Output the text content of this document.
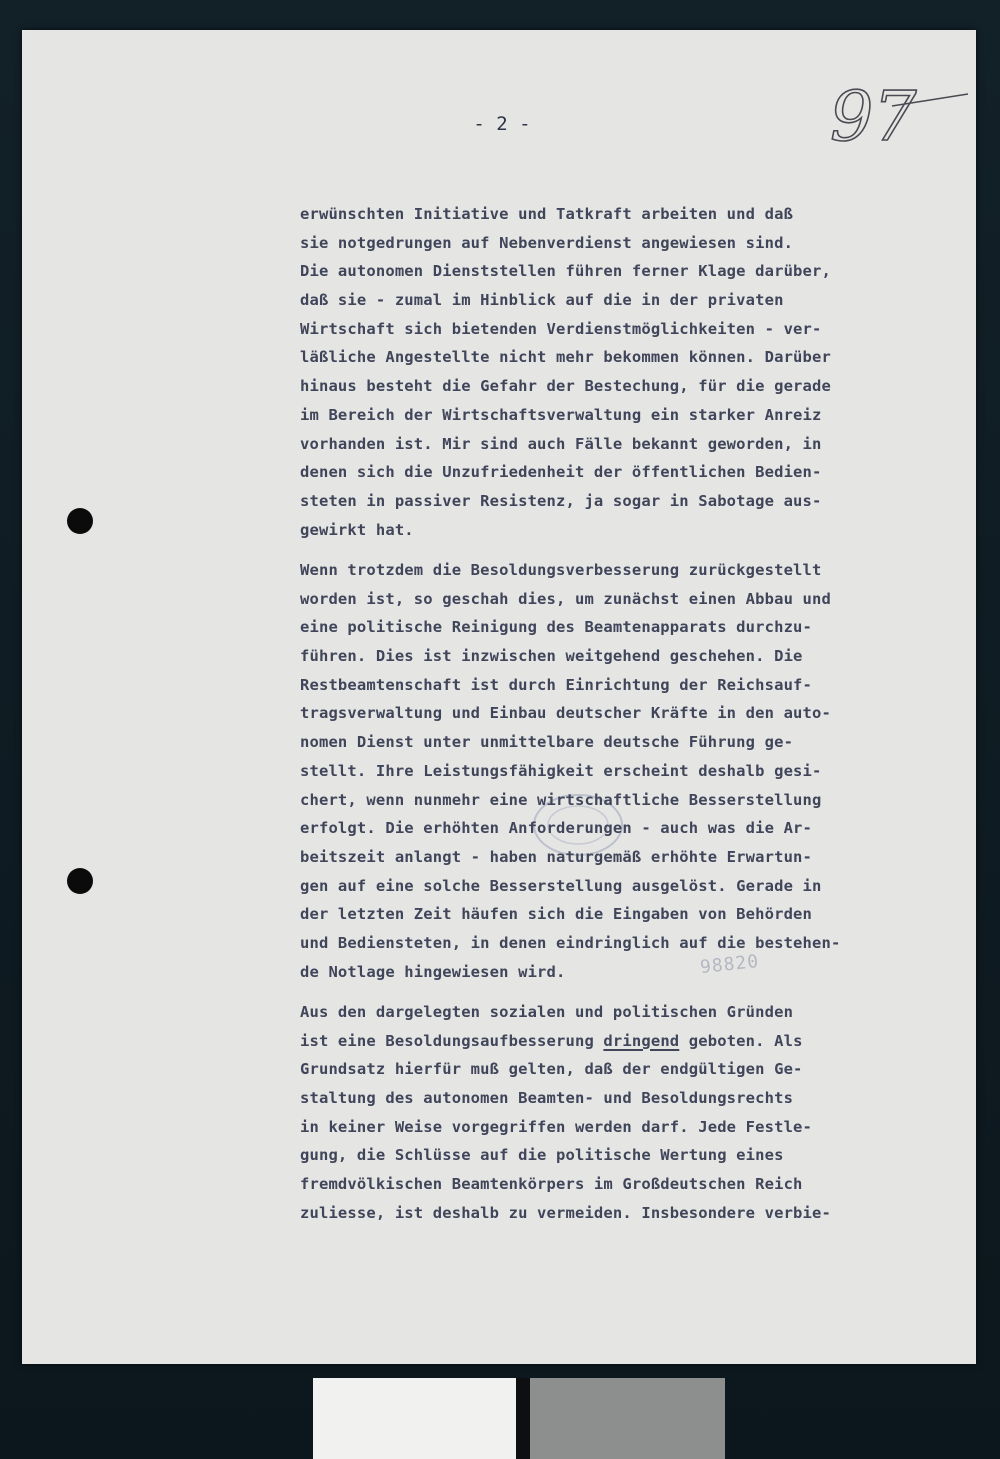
- 2 -	97
98820
erwünschten Initiative und Tatkraft arbeiten und daß
sie notgedrungen auf Nebenverdienst angewiesen sind.
Die autonomen Dienststellen führen ferner Klage darüber,
daß sie - zumal im Hinblick auf die in der privaten
Wirtschaft sich bietenden Verdienstmöglichkeiten - ver-
läßliche Angestellte nicht mehr bekommen können. Darüber
hinaus besteht die Gefahr der Bestechung, für die gerade
im Bereich der Wirtschaftsverwaltung ein starker Anreiz
vorhanden ist. Mir sind auch Fälle bekannt geworden, in
denen sich die Unzufriedenheit der öffentlichen Bedien-
steten in passiver Resistenz, ja sogar in Sabotage aus-
gewirkt hat.
Wenn trotzdem die Besoldungsverbesserung zurückgestellt
worden ist, so geschah dies, um zunächst einen Abbau und
eine politische Reinigung des Beamtenapparats durchzu-
führen. Dies ist inzwischen weitgehend geschehen. Die
Restbeamtenschaft ist durch Einrichtung der Reichsauf-
tragsverwaltung und Einbau deutscher Kräfte in den auto-
nomen Dienst unter unmittelbare deutsche Führung ge-
stellt. Ihre Leistungsfähigkeit erscheint deshalb gesi-
chert, wenn nunmehr eine wirtschaftliche Besserstellung
erfolgt. Die erhöhten Anforderungen - auch was die Ar-
beitszeit anlangt - haben naturgemäß erhöhte Erwartun-
gen auf eine solche Besserstellung ausgelöst. Gerade in
der letzten Zeit häufen sich die Eingaben von Behörden
und Bediensteten, in denen eindringlich auf die bestehen-
de Notlage hingewiesen wird.
Aus den dargelegten sozialen und politischen Gründen
ist eine Besoldungsaufbesserung dringend geboten. Als
Grundsatz hierfür muß gelten, daß der endgültigen Ge-
staltung des autonomen Beamten- und Besoldungsrechts
in keiner Weise vorgegriffen werden darf. Jede Festle-
gung, die Schlüsse auf die politische Wertung eines
fremdvölkischen Beamtenkörpers im Großdeutschen Reich
zuliesse, ist deshalb zu vermeiden. Insbesondere verbie-
